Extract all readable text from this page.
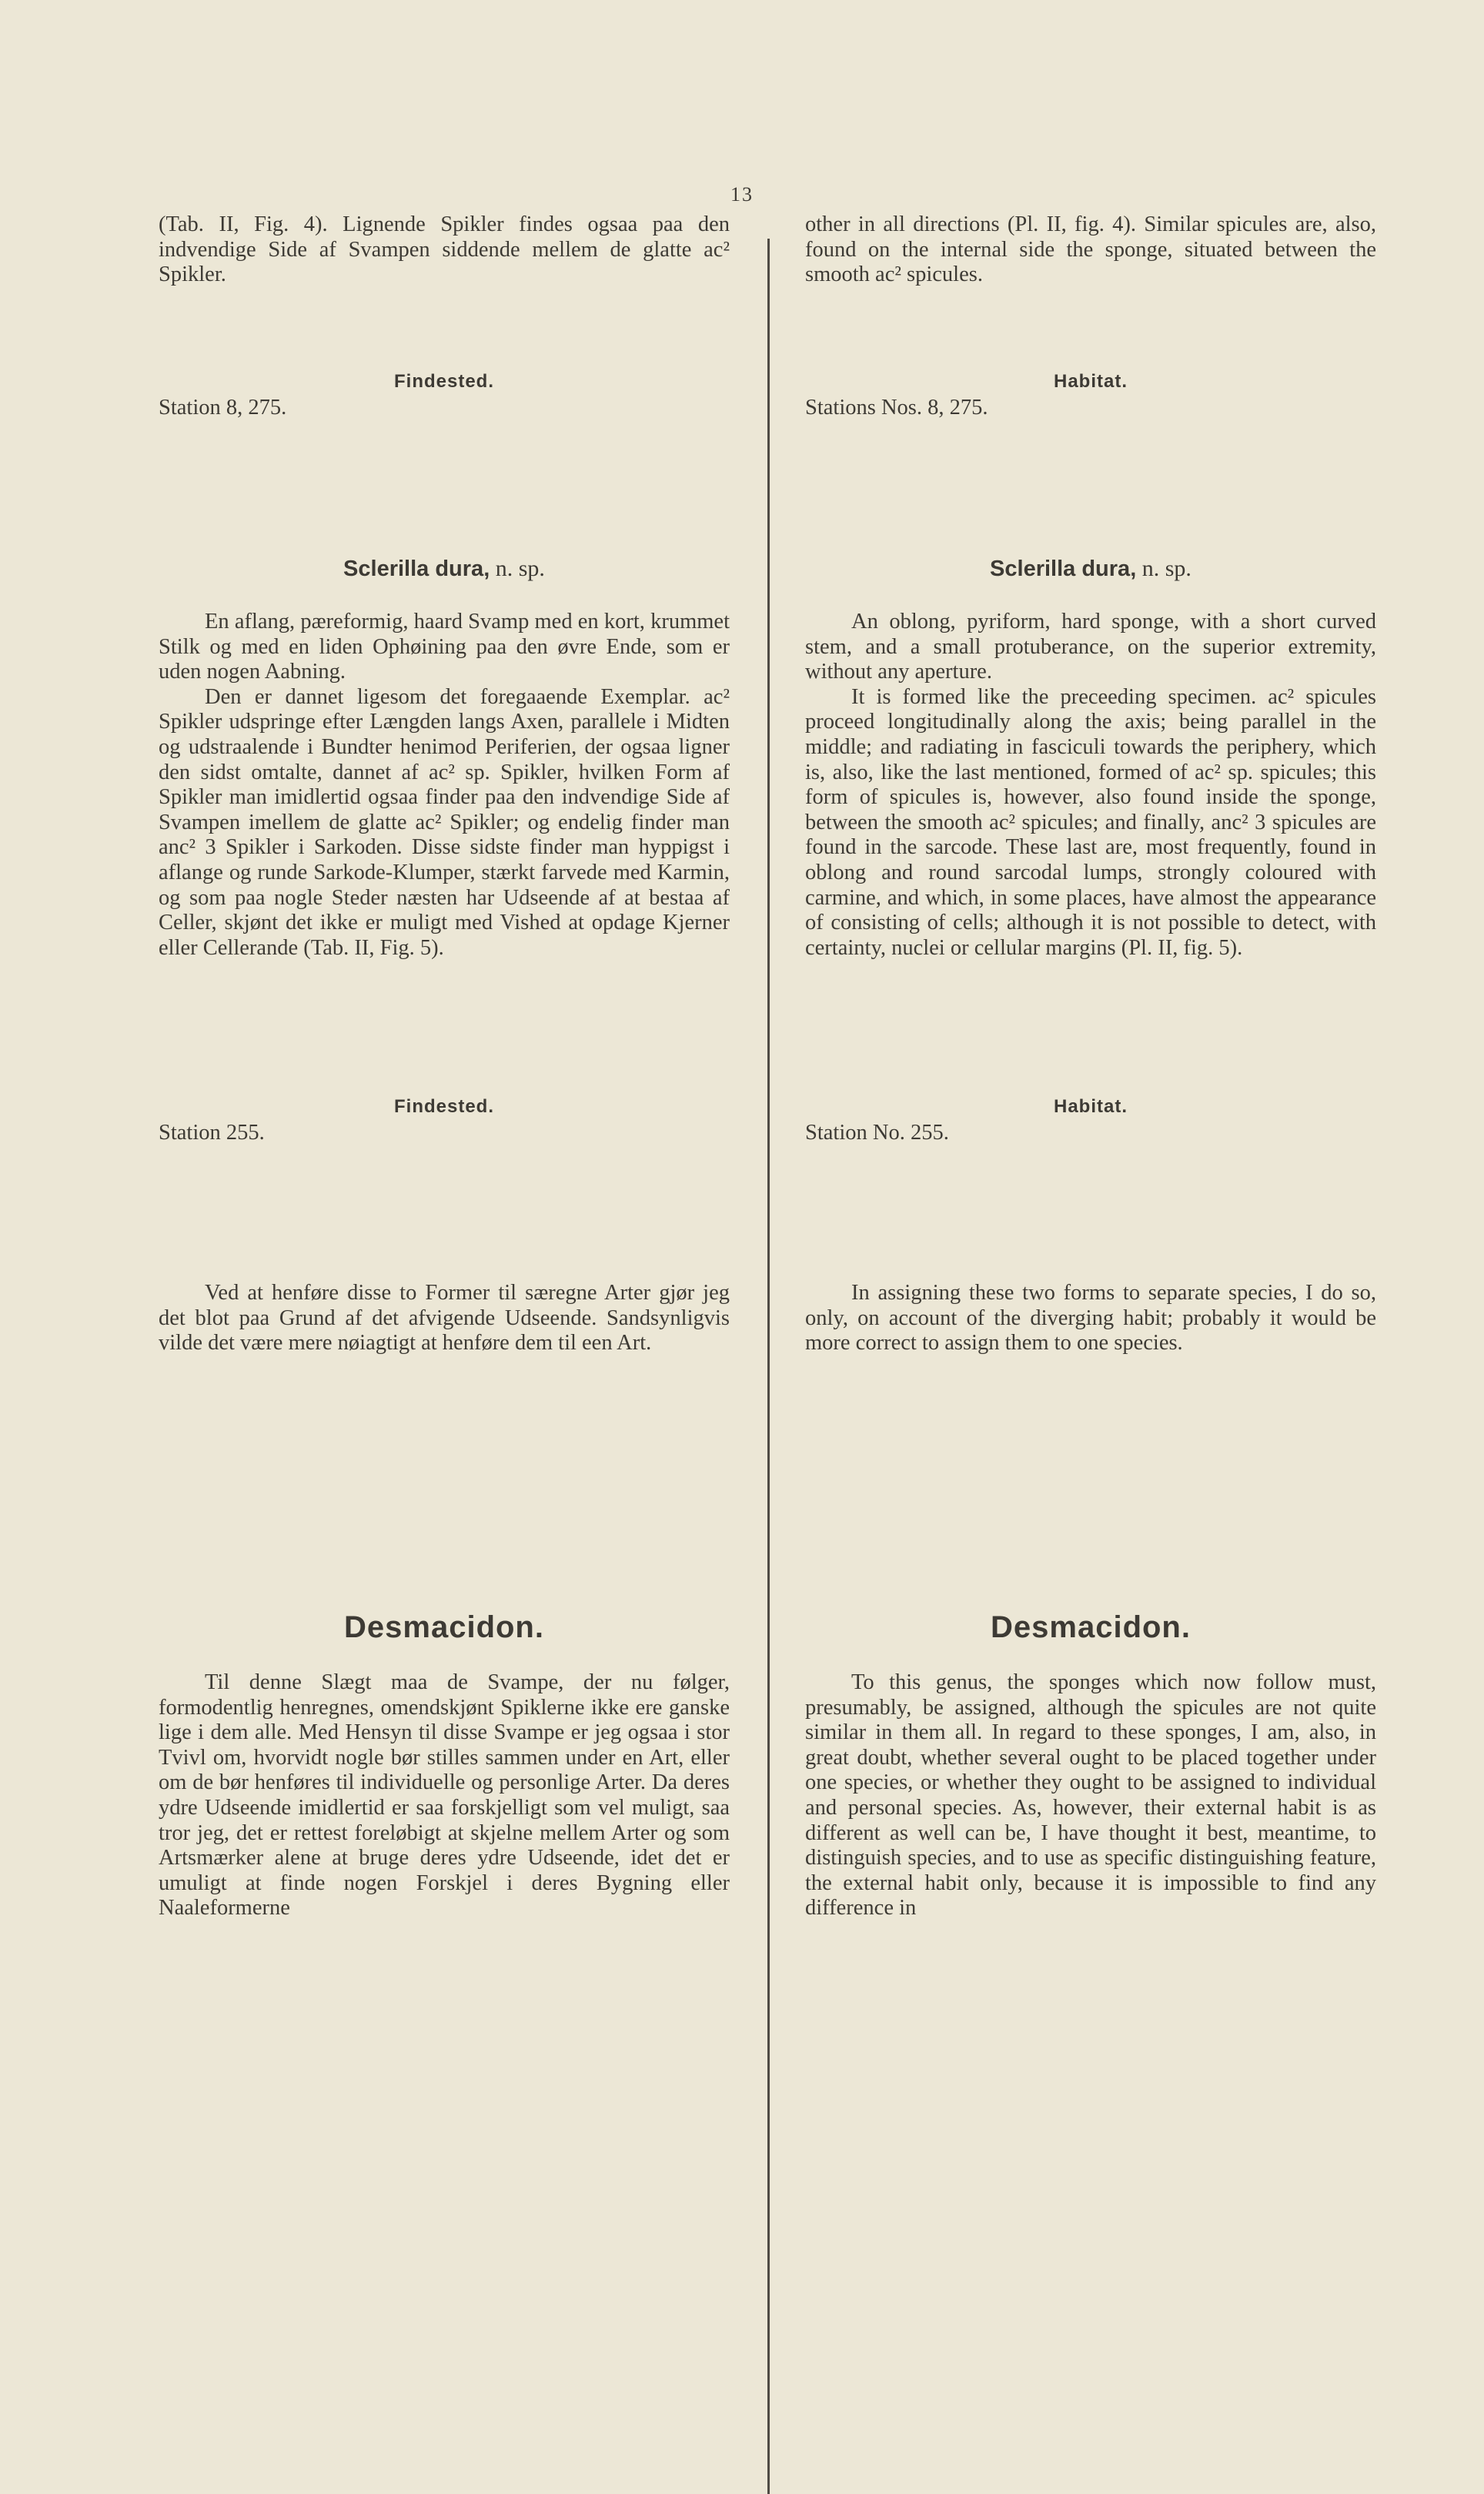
13

(Tab. II, Fig. 4). Lignende Spikler findes ogsaa paa den indvendige Side af Svampen siddende mellem de glatte ac² Spikler.

Findested.
Station 8, 275.
Sclerilla dura, n. sp.

En aflang, pæreformig, haard Svamp med en kort, krummet Stilk og med en liden Ophøining paa den øvre Ende, som er uden nogen Aabning.

Den er dannet ligesom det foregaaende Exemplar. ac² Spikler udspringe efter Længden langs Axen, parallele i Midten og udstraalende i Bundter henimod Periferien, der ogsaa ligner den sidst omtalte, dannet af ac² sp. Spikler, hvilken Form af Spikler man imidlertid ogsaa finder paa den indvendige Side af Svampen imellem de glatte ac² Spikler; og endelig finder man anc² 3 Spikler i Sarkoden. Disse sidste finder man hyppigst i aflange og runde Sarkode-Klumper, stærkt farvede med Karmin, og som paa nogle Steder næsten har Udseende af at bestaa af Celler, skjønt det ikke er muligt med Vished at opdage Kjerner eller Cellerande (Tab. II, Fig. 5).

Findested.
Station 255.

Ved at henføre disse to Former til særegne Arter gjør jeg det blot paa Grund af det afvigende Udseende. Sandsynligvis vilde det være mere nøiagtigt at henføre dem til een Art.

Desmacidon.

Til denne Slægt maa de Svampe, der nu følger, formodentlig henregnes, omendskjønt Spiklerne ikke ere ganske lige i dem alle. Med Hensyn til disse Svampe er jeg ogsaa i stor Tvivl om, hvorvidt nogle bør stilles sammen under en Art, eller om de bør henføres til individuelle og personlige Arter. Da deres ydre Udseende imidlertid er saa forskjelligt som vel muligt, saa tror jeg, det er rettest foreløbigt at skjelne mellem Arter og som Artsmærker alene at bruge deres ydre Udseende, idet det er umuligt at finde nogen Forskjel i deres Bygning eller Naaleformerne

other in all directions (Pl. II, fig. 4). Similar spicules are, also, found on the internal side the sponge, situated between the smooth ac² spicules.

Habitat.
Stations Nos. 8, 275.
Sclerilla dura, n. sp.

An oblong, pyriform, hard sponge, with a short curved stem, and a small protuberance, on the superior extremity, without any aperture.

It is formed like the preceeding specimen. ac² spicules proceed longitudinally along the axis; being parallel in the middle; and radiating in fasciculi towards the periphery, which is, also, like the last mentioned, formed of ac² sp. spicules; this form of spicules is, however, also found inside the sponge, between the smooth ac² spicules; and finally, anc² 3 spicules are found in the sarcode. These last are, most frequently, found in oblong and round sarcodal lumps, strongly coloured with carmine, and which, in some places, have almost the appearance of consisting of cells; although it is not possible to detect, with certainty, nuclei or cellular margins (Pl. II, fig. 5).

Habitat.
Station No. 255.

In assigning these two forms to separate species, I do so, only, on account of the diverging habit; probably it would be more correct to assign them to one species.

Desmacidon.

To this genus, the sponges which now follow must, presumably, be assigned, although the spicules are not quite similar in them all. In regard to these sponges, I am, also, in great doubt, whether several ought to be placed together under one species, or whether they ought to be assigned to individual and personal species. As, however, their external habit is as different as well can be, I have thought it best, meantime, to distinguish species, and to use as specific distinguishing feature, the external habit only, because it is impossible to find any difference in
